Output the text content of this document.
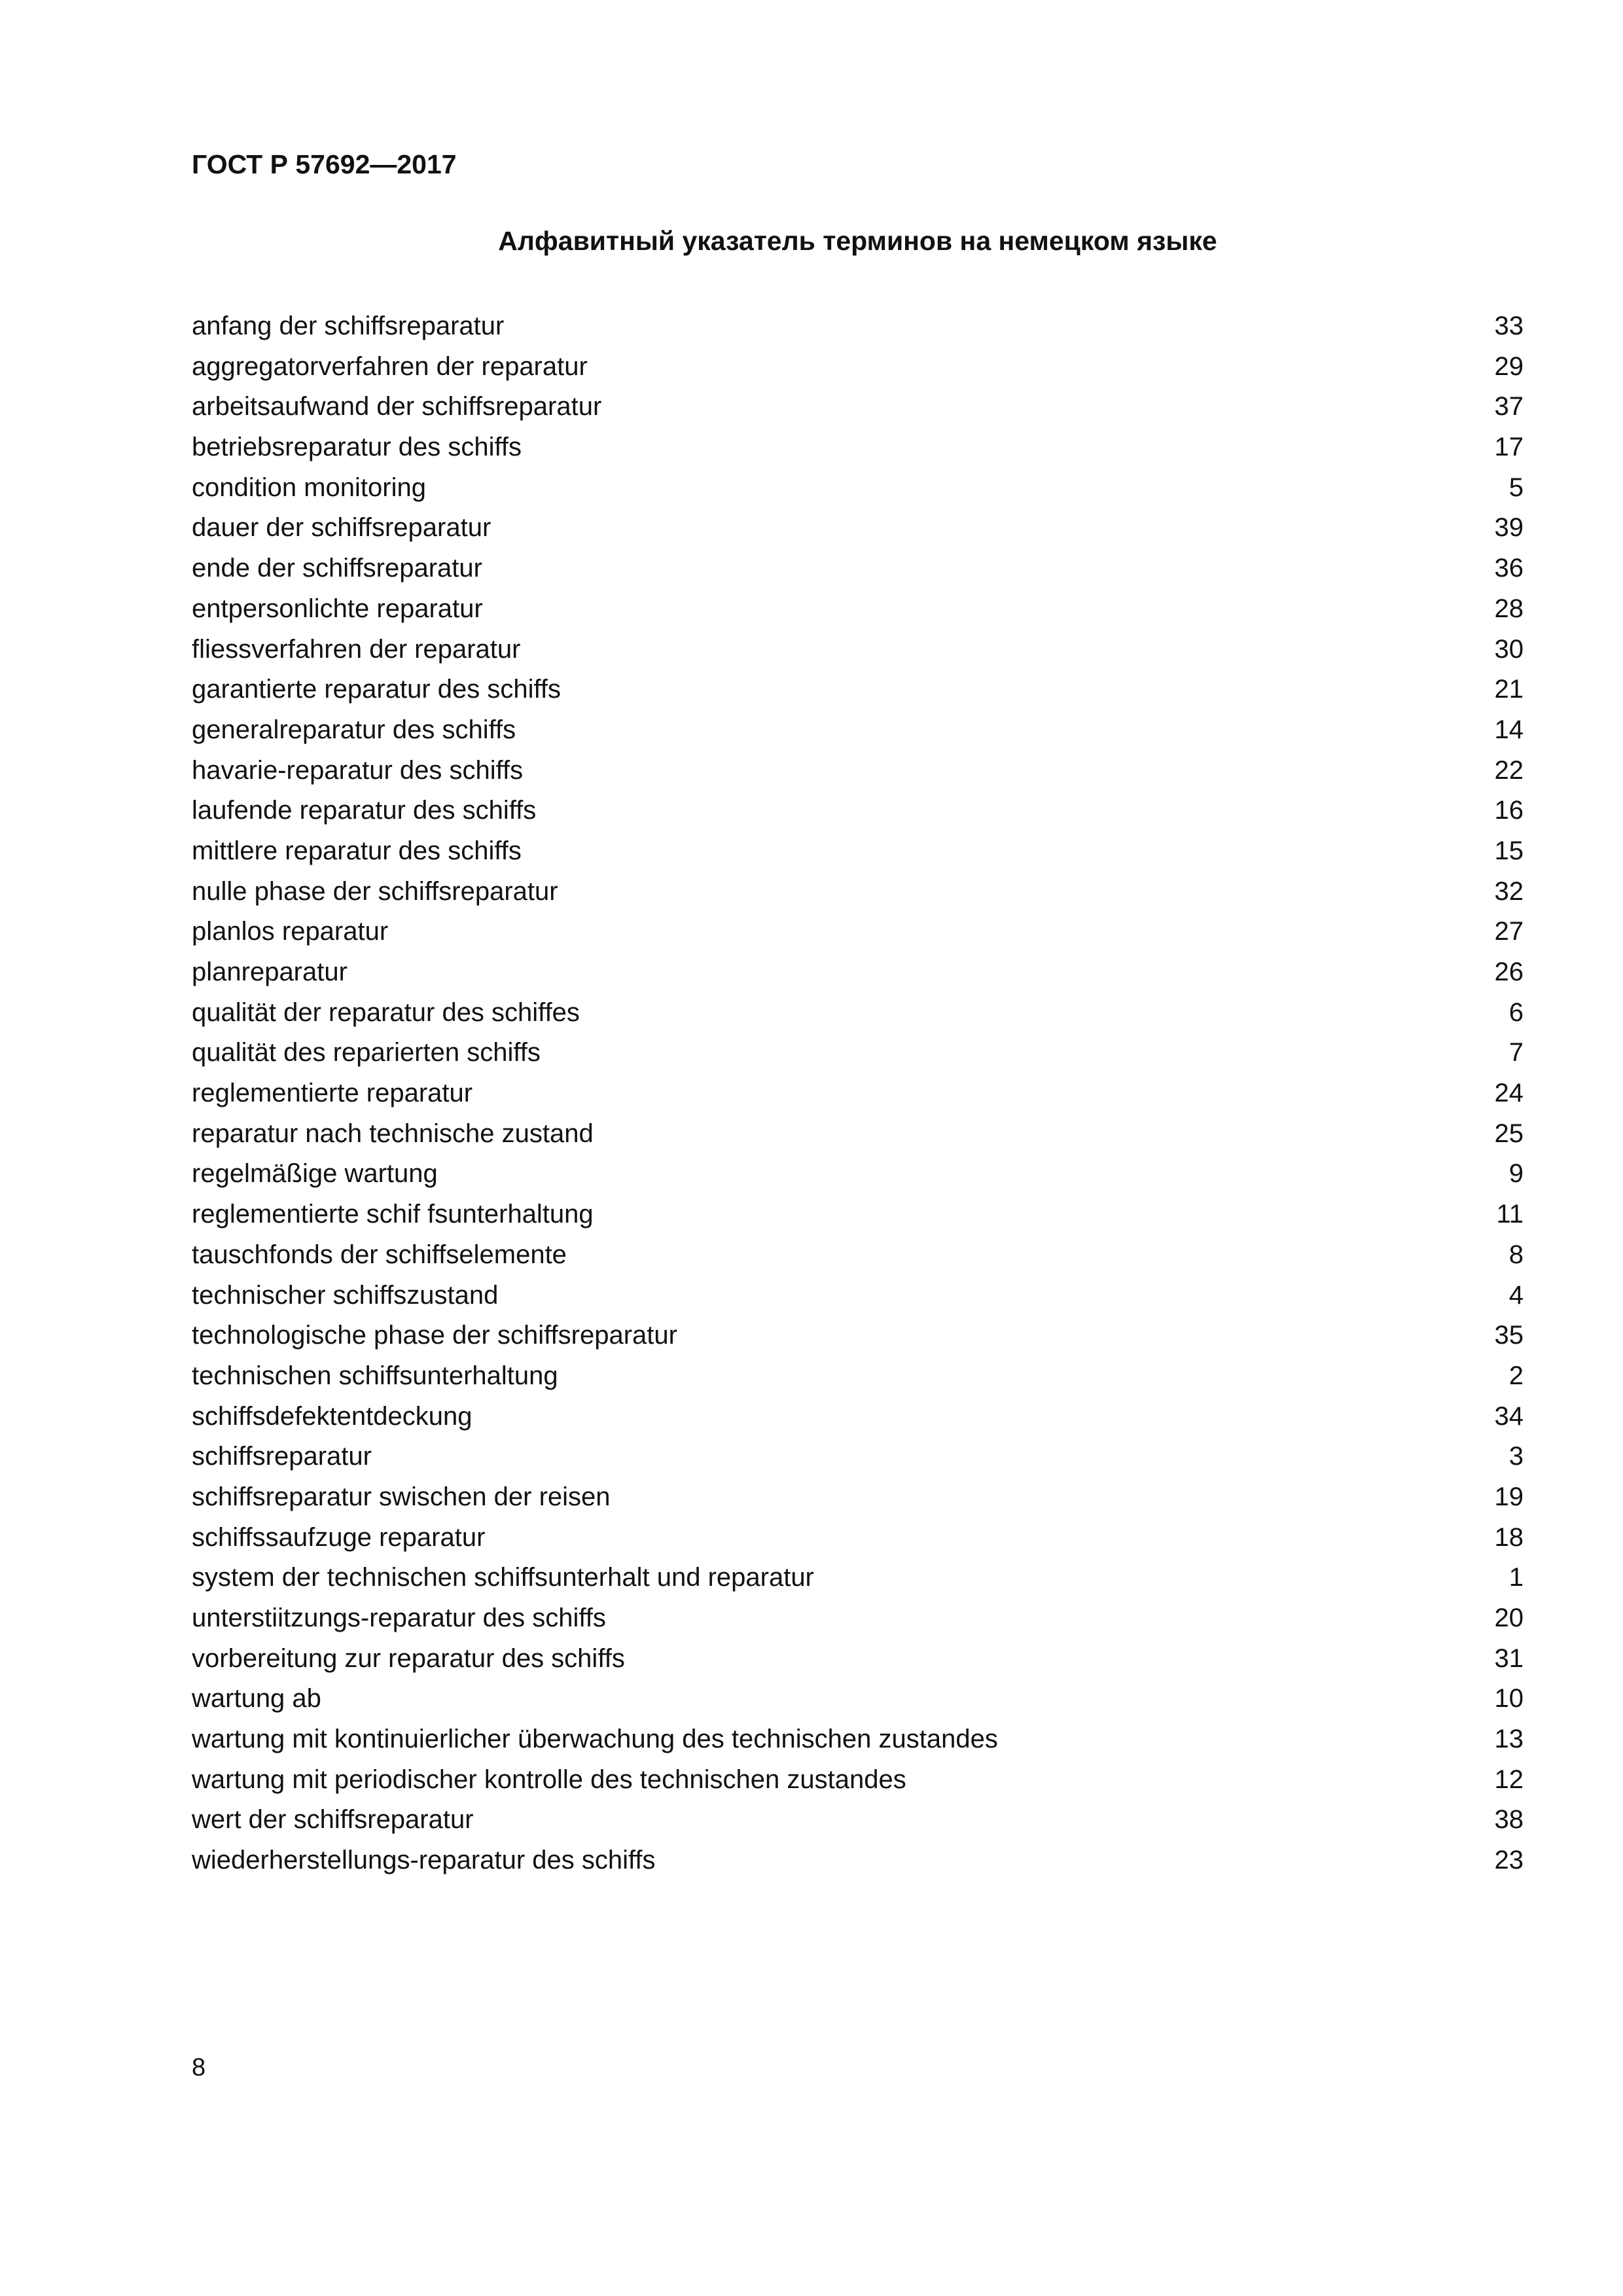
ГОСТ Р 57692—2017

Алфавитный указатель терминов на немецком языке
anfang der schiffsreparatur	33
aggregatorverfahren der reparatur	29
arbeitsaufwand der schiffsreparatur	37
betriebsreparatur des schiffs	17
condition monitoring	5
dauer der schiffsreparatur	39
ende der schiffsreparatur	36
entpersonlichte reparatur	28
fliessverfahren der reparatur	30
garantierte reparatur des schiffs	21
generalreparatur des schiffs	14
havarie-reparatur des schiffs	22
laufende reparatur des schiffs	16
mittlere reparatur des schiffs	15
nulle phase der schiffsreparatur	32
planlos reparatur	27
planreparatur	26
qualität der reparatur des schiffes	6
qualität des reparierten schiffs	7
reglementierte reparatur	24
reparatur nach technische zustand	25
regelmäßige wartung	9
reglementierte schif fsunterhaltung	11
tauschfonds der schiffselemente	8
technischer schiffszustand	4
technologische phase der schiffsreparatur	35
technischen schiffsunterhaltung	2
schiffsdefektentdeckung	34
schiffsreparatur	3
schiffsreparatur swischen der reisen	19
schiffssaufzuge reparatur	18
system der technischen schiffsunterhalt und reparatur	1
unterstiitzungs-reparatur des schiffs	20
vorbereitung zur reparatur des schiffs	31
wartung ab	10
wartung mit kontinuierlicher überwachung des technischen zustandes	13
wartung mit periodischer kontrolle des technischen zustandes	12
wert der schiffsreparatur	38
wiederherstellungs-reparatur des schiffs	23

8
